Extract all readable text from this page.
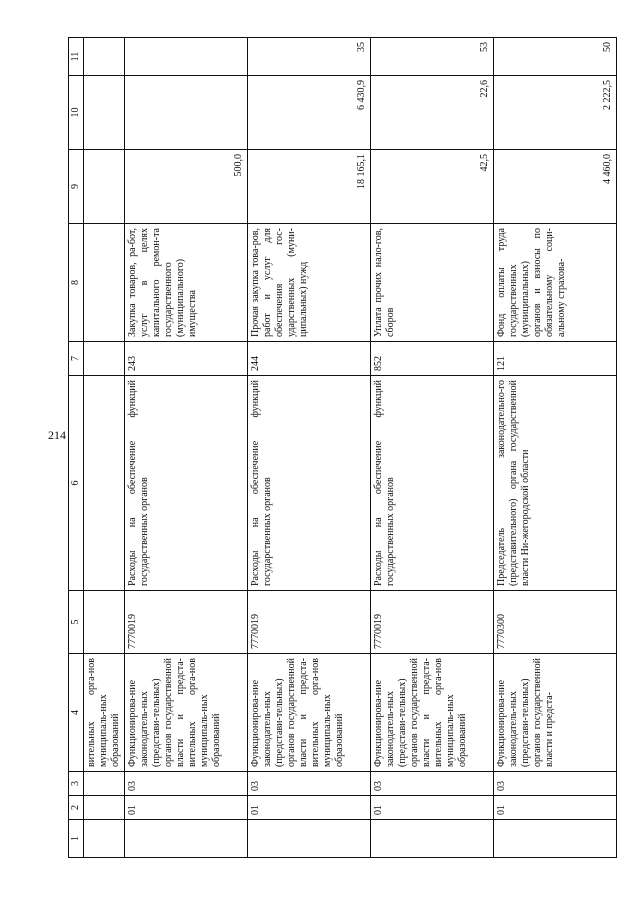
214
1	2	3	4	5	6	7	8	9	10	11
			вительных орга-нов муниципаль-ных образований							
	01	03	Функционирова-ние законодатель-ных (представи-тельных) органов государственной власти и предста-вительных орга-нов муниципаль-ных образований	7770019	Расходы на обеспечение функций государственных органов	243	Закупка товаров, ра-бот, услуг в целях капитального ремон-та государственного (муниципального) имущества	500,0		
	01	03	Функционирова-ние законодатель-ных (представи-тельных) органов государственной власти и предста-вительных орга-нов муниципаль-ных образований	7770019	Расходы на обеспечение функций государственных органов	244	Прочая закупка това-ров, работ и услуг для обеспечения гос-ударственных (муни-ципальных) нужд	18 165,1	6 430,9	35
	01	03	Функционирова-ние законодатель-ных (представи-тельных) органов государственной власти и предста-вительных орга-нов муниципаль-ных образований	7770019	Расходы на обеспечение функций государственных органов	852	Уплата прочих нало-гов, сборов	42,5	22,6	53
	01	03	Функционирова-ние законодатель-ных (представи-тельных) органов государственной власти и предста-	7770300	Председатель законодательно-го (представительного) органа государственной власти Ни-жегородской области	121	Фонд оплаты труда государственных (муниципальных) органов и взносы по обязательному соци-альному страхова-	4 460,0	2 222,5	50
